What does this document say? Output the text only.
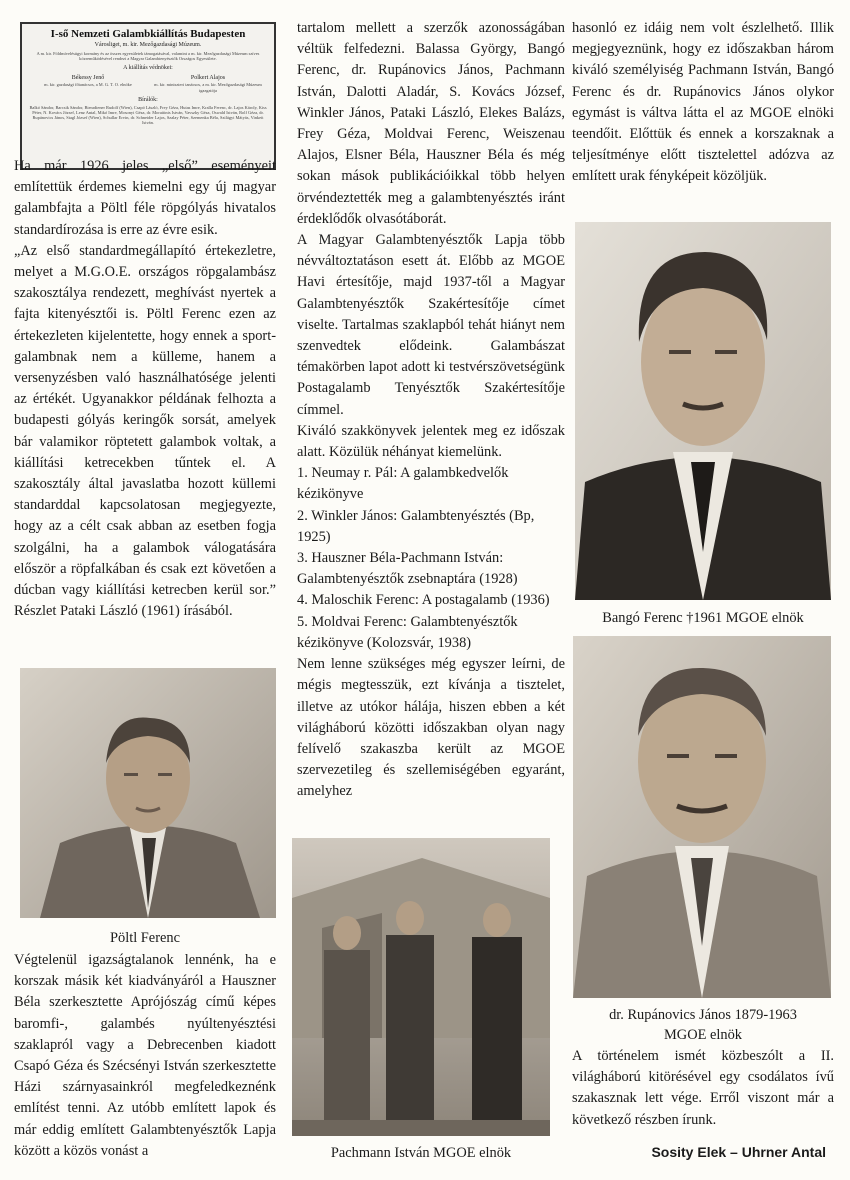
I-ső Nemzeti Galambkiállítás Budapesten
Városliget, m. kir. Mezőgazdasági Múzeum.
A m. kir. Földmívelésügyi kormány és az összes egyesületek támogatásával, valamint a m. kir. Mezőgazdasági Múzeum szíves közreműködésével rendezi a Magyar Galambtenyésztők Országos Egyesülete.
A kiállítás védnökei:
Békessy Jenő
m. kir. gazdasági főtanácsos, a M. G. T. O. elnöke
Polkert Alajos
m. kir. miniszteri tanácsos, a m. kir. Mezőgazdasági Múzeum igazgatója
Bírálók:
Balkó Sándor, Barcsik Sándor, Bieradiener Rudolf (Wien), Csapó László, Frey Géza, Hutas Imre, Kralla Ferenc, dr. Lajos Károly, Kiss Péter, N. Kovács József, Lenz Antal, Mikó Imre, Mosonyi Géza, dr. Moraitinis István, Vavszky Géza, Oswald István, Rolf Géza, dr. Rupánovics János, Stagl József (Wien), Schullar Ervin, dr. Schneider Lajos, Szalay Péter, Szemenka Béla, Szilágyi Mátyás, Vinkeit István.

Ha már 1926 jeles „első” eseményeit említettük érdemes kiemelni egy új magyar galambfajta a Pöltl féle röpgólyás hivatalos standardírozása is erre az évre esik.

„Az első standardmegállapító értekezletre, melyet a M.G.O.E. országos röpgalambász szakosztálya rendezett, meghívást nyertek a fajta kitenyésztői is. Pöltl Ferenc ezen az értekezleten kijelentette, hogy ennek a sportgalambnak nem a külleme, hanem a versenyzésben való használhatósége jelenti az értékét. Ugyanakkor példának felhozta a budapesti gólyás keringők sorsát, amelyek bár valamikor röptetett galambok voltak, a kiállítási ketrecekben tűntek el. A szakosztály által javaslatba hozott küllemi standarddal kapcsolatosan megjegyezte, hogy az a célt csak abban az esetben fogja szolgálni, ha a galambok válogatására először a röpfalkában és csak ezt követően a dúcban vagy kiállítási ketrecben kerül sor.” Részlet Pataki László (1961) írásából.

Pöltl Ferenc

Végtelenül igazságtalanok lennénk, ha e korszak másik két kiadványáról a Hauszner Béla szerkesztette Aprójószág című képes baromfi-, galambés nyúltenyésztési szaklapról vagy a Debrecenben kiadott Csapó Géza és Szécsényi István szerkesztette Házi szárnyasainkról megfeledkeznénk említést tenni. Az utóbb említett lapok és már eddig említett Galambtenyésztők Lapja között a közös vonást a

tartalom mellett a szerzők azonosságában véltük felfedezni. Balassa György, Bangó Ferenc, dr. Rupánovics János, Pachmann István, Dalotti Aladár, S. Kovács József, Winkler János, Pataki László, Elekes Balázs, Frey Géza, Moldvai Ferenc, Weiszenau Alajos, Elsner Béla, Hauszner Béla és még sokan mások publikációikkal több helyen örvéndeztették meg a galambtenyésztés iránt érdeklődők olvasótáborát.

A Magyar Galambtenyésztők Lapja több névváltoztatáson esett át. Előbb az MGOE Havi értesítője, majd 1937-től a Magyar Galambtenyésztők Szakértesítője címet viselte. Tartalmas szaklapból tehát hiányt nem szenvedtek elődeink. Galambászat témakörben lapot adott ki testvérszövetségünk Postagalamb Tenyésztők Szakértesítője címmel.

Kiváló szakkönyvek jelentek meg ez időszak alatt. Közülük néhányat kiemelünk.

1. Neumay r. Pál: A galambkedvelők kézikönyve

2. Winkler János: Galambtenyésztés (Bp, 1925)

3. Hauszner Béla-Pachmann István: Galambtenyésztők zsebnaptára (1928)

4. Maloschik Ferenc: A postagalamb (1936)

5. Moldvai Ferenc: Galambtenyésztők kézikönyve (Kolozsvár, 1938)

Nem lenne szükséges még egyszer leírni, de mégis megtesszük, ezt kívánja a tisztelet, illetve az utókor hálája, hiszen ebben a két világháború közötti időszakban olyan nagy felívelő szakaszba került az MGOE szervezetileg és szellemiségében egyaránt, amelyhez

Pachmann István MGOE elnök

hasonló ez idáig nem volt észlelhető. Illik megjegyeznünk, hogy ez időszakban három kiváló személyiség Pachmann István, Bangó Ferenc és dr. Rupánovics János olykor egymást is váltva látta el az MGOE elnöki teendőit. Előttük és ennek a korszaknak a teljesítménye előtt tisztelettel adózva az említett urak fényképeit közöljük.

Bangó Ferenc †1961 MGOE elnök

dr. Rupánovics János 1879-1963
MGOE elnök

A történelem ismét közbeszólt a II. világháború kitörésével egy csodálatos ívű szakasznak lett vége. Erről viszont már a következő részben írunk.

Sosity Elek – Uhrner Antal
